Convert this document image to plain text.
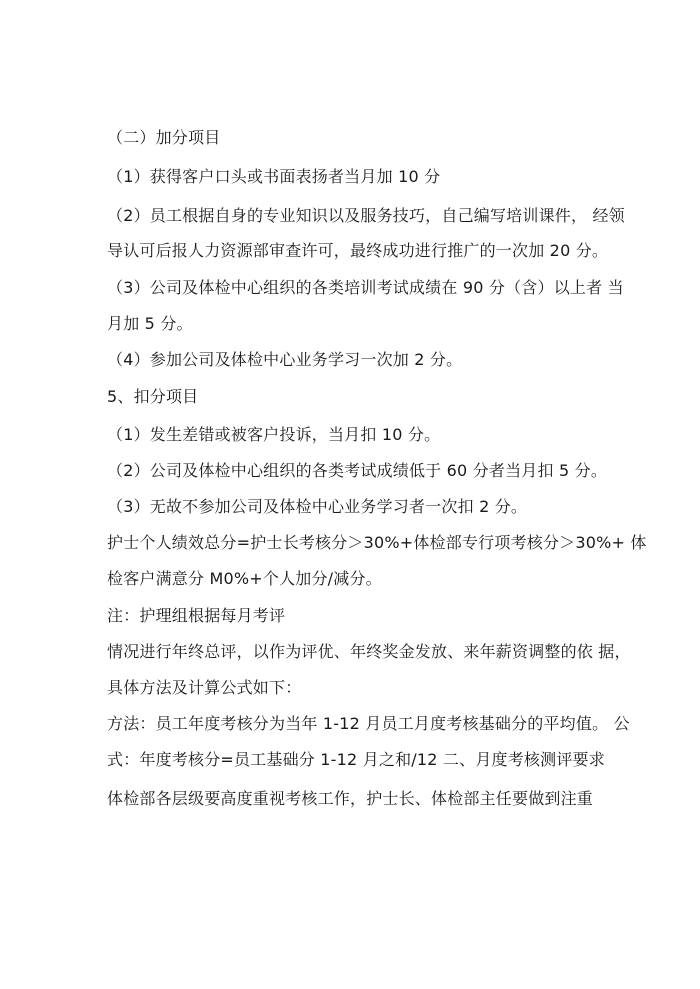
（二）加分项目
（1）获得客户口头或书面表扬者当月加 10 分
（2）员工根据自身的专业知识以及服务技巧，自己编写培训课件， 经领
导认可后报人力资源部审查许可，最终成功进行推广的一次加 20 分。
（3）公司及体检中心组织的各类培训考试成绩在 90 分（含）以上者 当
月加 5 分。
（4）参加公司及体检中心业务学习一次加 2 分。
5、扣分项目
（1）发生差错或被客户投诉，当月扣 10 分。
（2）公司及体检中心组织的各类考试成绩低于 60 分者当月扣 5 分。
（3）无故不参加公司及体检中心业务学习者一次扣 2 分。
护士个人绩效总分=护士长考核分＞30%+体检部专行项考核分＞30%+ 体
检客户满意分 M0%+个人加分/减分。
注：护理组根据每月考评
情况进行年终总评，以作为评优、年终奖金发放、来年薪资调整的依 据，
具体方法及计算公式如下：
方法：员工年度考核分为当年 1-12 月员工月度考核基础分的平均值。 公
式：年度考核分=员工基础分 1-12 月之和/12 二、月度考核测评要求
体检部各层级要高度重视考核工作，护士长、体检部主任要做到注重
